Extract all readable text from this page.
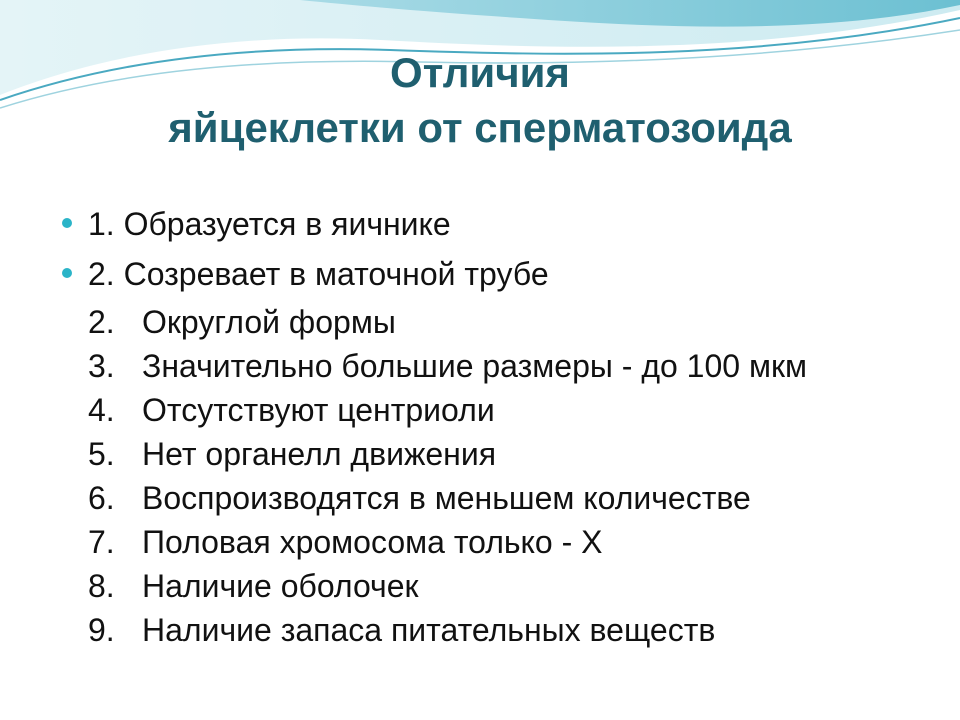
Отличия
яйцеклетки от сперматозоида
1. Образуется в яичнике
2. Созревает в маточной трубе
2. Округлой формы
3. Значительно большие размеры - до 100 мкм
4. Отсутствуют центриоли
5. Нет органелл движения
6. Воспроизводятся в меньшем количестве
7. Половая хромосома только - Х
8. Наличие оболочек
9. Наличие запаса питательных веществ
